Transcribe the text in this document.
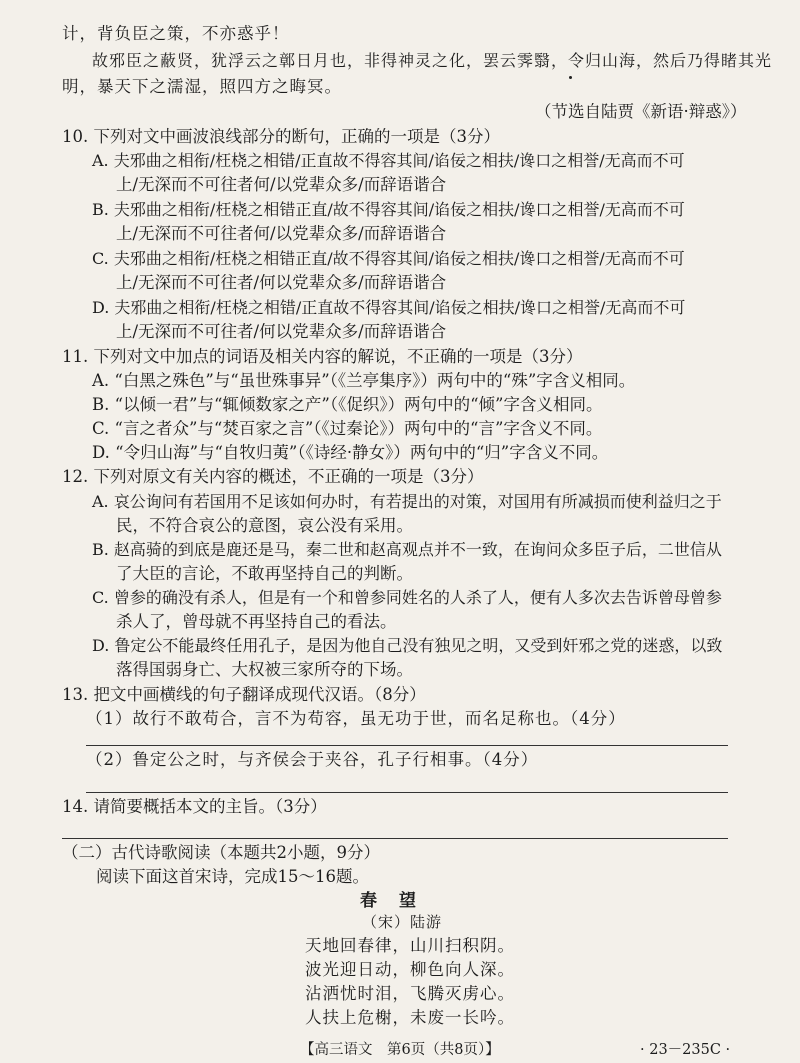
计，背负臣之策，不亦惑乎！
故邪臣之蔽贤，犹浮云之鄣日月也，非得神灵之化，罢云霁翳，令归山海，然后乃得睹其光
明，暴天下之濡湿，照四方之晦冥。
（节选自陆贾《新语·辩惑》）
10. 下列对文中画波浪线部分的断句，正确的一项是（3分）
A. 夫邪曲之相衔/枉桡之相错/正直故不得容其间/谄佞之相扶/谗口之相誉/无高而不可
上/无深而不可往者何/以党辈众多/而辞语谐合
B. 夫邪曲之相衔/枉桡之相错正直/故不得容其间/谄佞之相扶/谗口之相誉/无高而不可
上/无深而不可往者何/以党辈众多/而辞语谐合
C. 夫邪曲之相衔/枉桡之相错正直/故不得容其间/谄佞之相扶/谗口之相誉/无高而不可
上/无深而不可往者/何以党辈众多/而辞语谐合
D. 夫邪曲之相衔/枉桡之相错/正直故不得容其间/谄佞之相扶/谗口之相誉/无高而不可
上/无深而不可往者/何以党辈众多/而辞语谐合
11. 下列对文中加点的词语及相关内容的解说，不正确的一项是（3分）
A. “白黑之殊色”与“虽世殊事异”（《兰亭集序》）两句中的“殊”字含义相同。
B. “以倾一君”与“辄倾数家之产”（《促织》）两句中的“倾”字含义相同。
C. “言之者众”与“焚百家之言”（《过秦论》）两句中的“言”字含义不同。
D. “令归山海”与“自牧归荑”（《诗经·静女》）两句中的“归”字含义不同。
12. 下列对原文有关内容的概述，不正确的一项是（3分）
A. 哀公询问有若国用不足该如何办时，有若提出的对策，对国用有所减损而使利益归之于
民，不符合哀公的意图，哀公没有采用。
B. 赵高骑的到底是鹿还是马，秦二世和赵高观点并不一致，在询问众多臣子后，二世信从
了大臣的言论，不敢再坚持自己的判断。
C. 曾参的确没有杀人，但是有一个和曾参同姓名的人杀了人，便有人多次去告诉曾母曾参
杀人了，曾母就不再坚持自己的看法。
D. 鲁定公不能最终任用孔子，是因为他自己没有独见之明，又受到奸邪之党的迷惑，以致
落得国弱身亡、大权被三家所夺的下场。
13. 把文中画横线的句子翻译成现代汉语。（8分）
（1）故行不敢苟合，言不为苟容，虽无功于世，而名足称也。（4分）
（2）鲁定公之时，与齐侯会于夹谷，孔子行相事。（4分）
14. 请简要概括本文的主旨。（3分）
（二）古代诗歌阅读（本题共2小题，9分）
阅读下面这首宋诗，完成15～16题。
春望
（宋）陆游
天地回春律，山川扫积阴。
波光迎日动，柳色向人深。
沾洒忧时泪，飞腾灭虏心。
人扶上危榭，未废一长吟。
【高三语文　第6页（共8页）】	· 23－235C ·
